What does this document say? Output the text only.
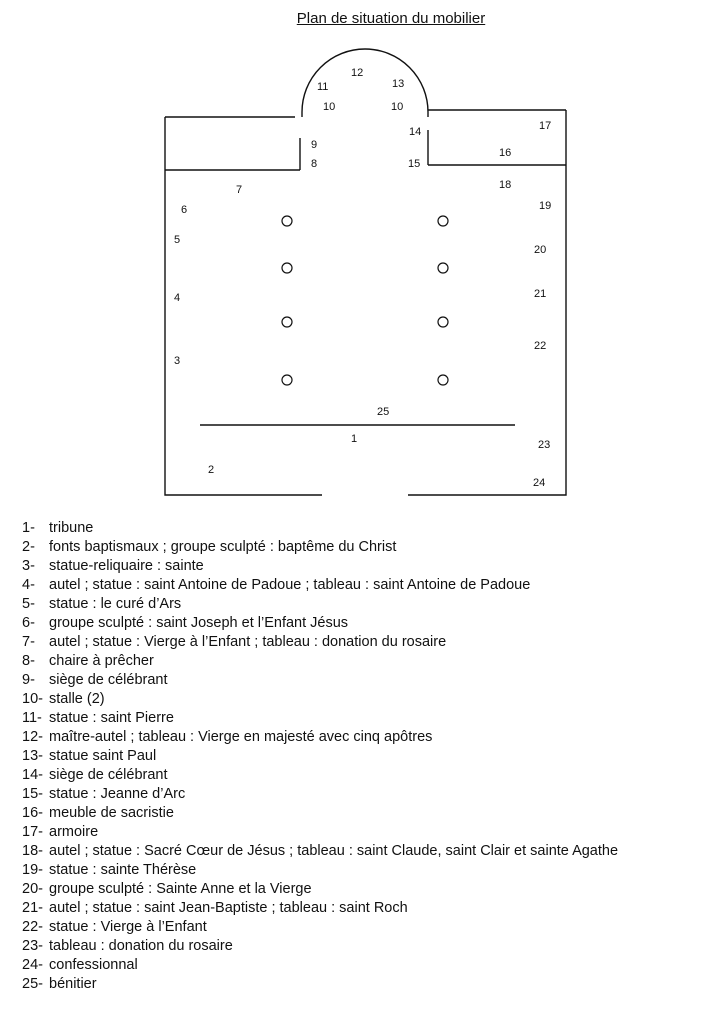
Plan de situation du mobilier
12
11	13
10	10
17
9
14
16
8	15
7	18
6	19
5
20
21
4
22
3
25
1	23
2
24
1- tribune
2- fonts baptismaux ; groupe sculpté : baptême du Christ
3- statue-reliquaire : sainte
4- autel ; statue : saint Antoine de Padoue ; tableau : saint Antoine de Padoue
5- statue : le curé d’Ars
6- groupe sculpté : saint Joseph et l’Enfant Jésus
7- autel ; statue : Vierge à l’Enfant ; tableau : donation du rosaire
8- chaire à prêcher
9- siège de célébrant
10- stalle (2)
11- statue : saint Pierre
12- maître-autel ; tableau : Vierge en majesté avec cinq apôtres
13- statue saint Paul
14- siège de célébrant
15- statue : Jeanne d’Arc
16- meuble de sacristie
17- armoire
18- autel ; statue : Sacré Cœur de Jésus ; tableau : saint Claude, saint Clair et sainte Agathe
19- statue : sainte Thérèse
20- groupe sculpté : Sainte Anne et la Vierge
21- autel ; statue : saint Jean-Baptiste ; tableau : saint Roch
22- statue : Vierge à l’Enfant
23- tableau : donation du rosaire
24- confessionnal
25- bénitier
